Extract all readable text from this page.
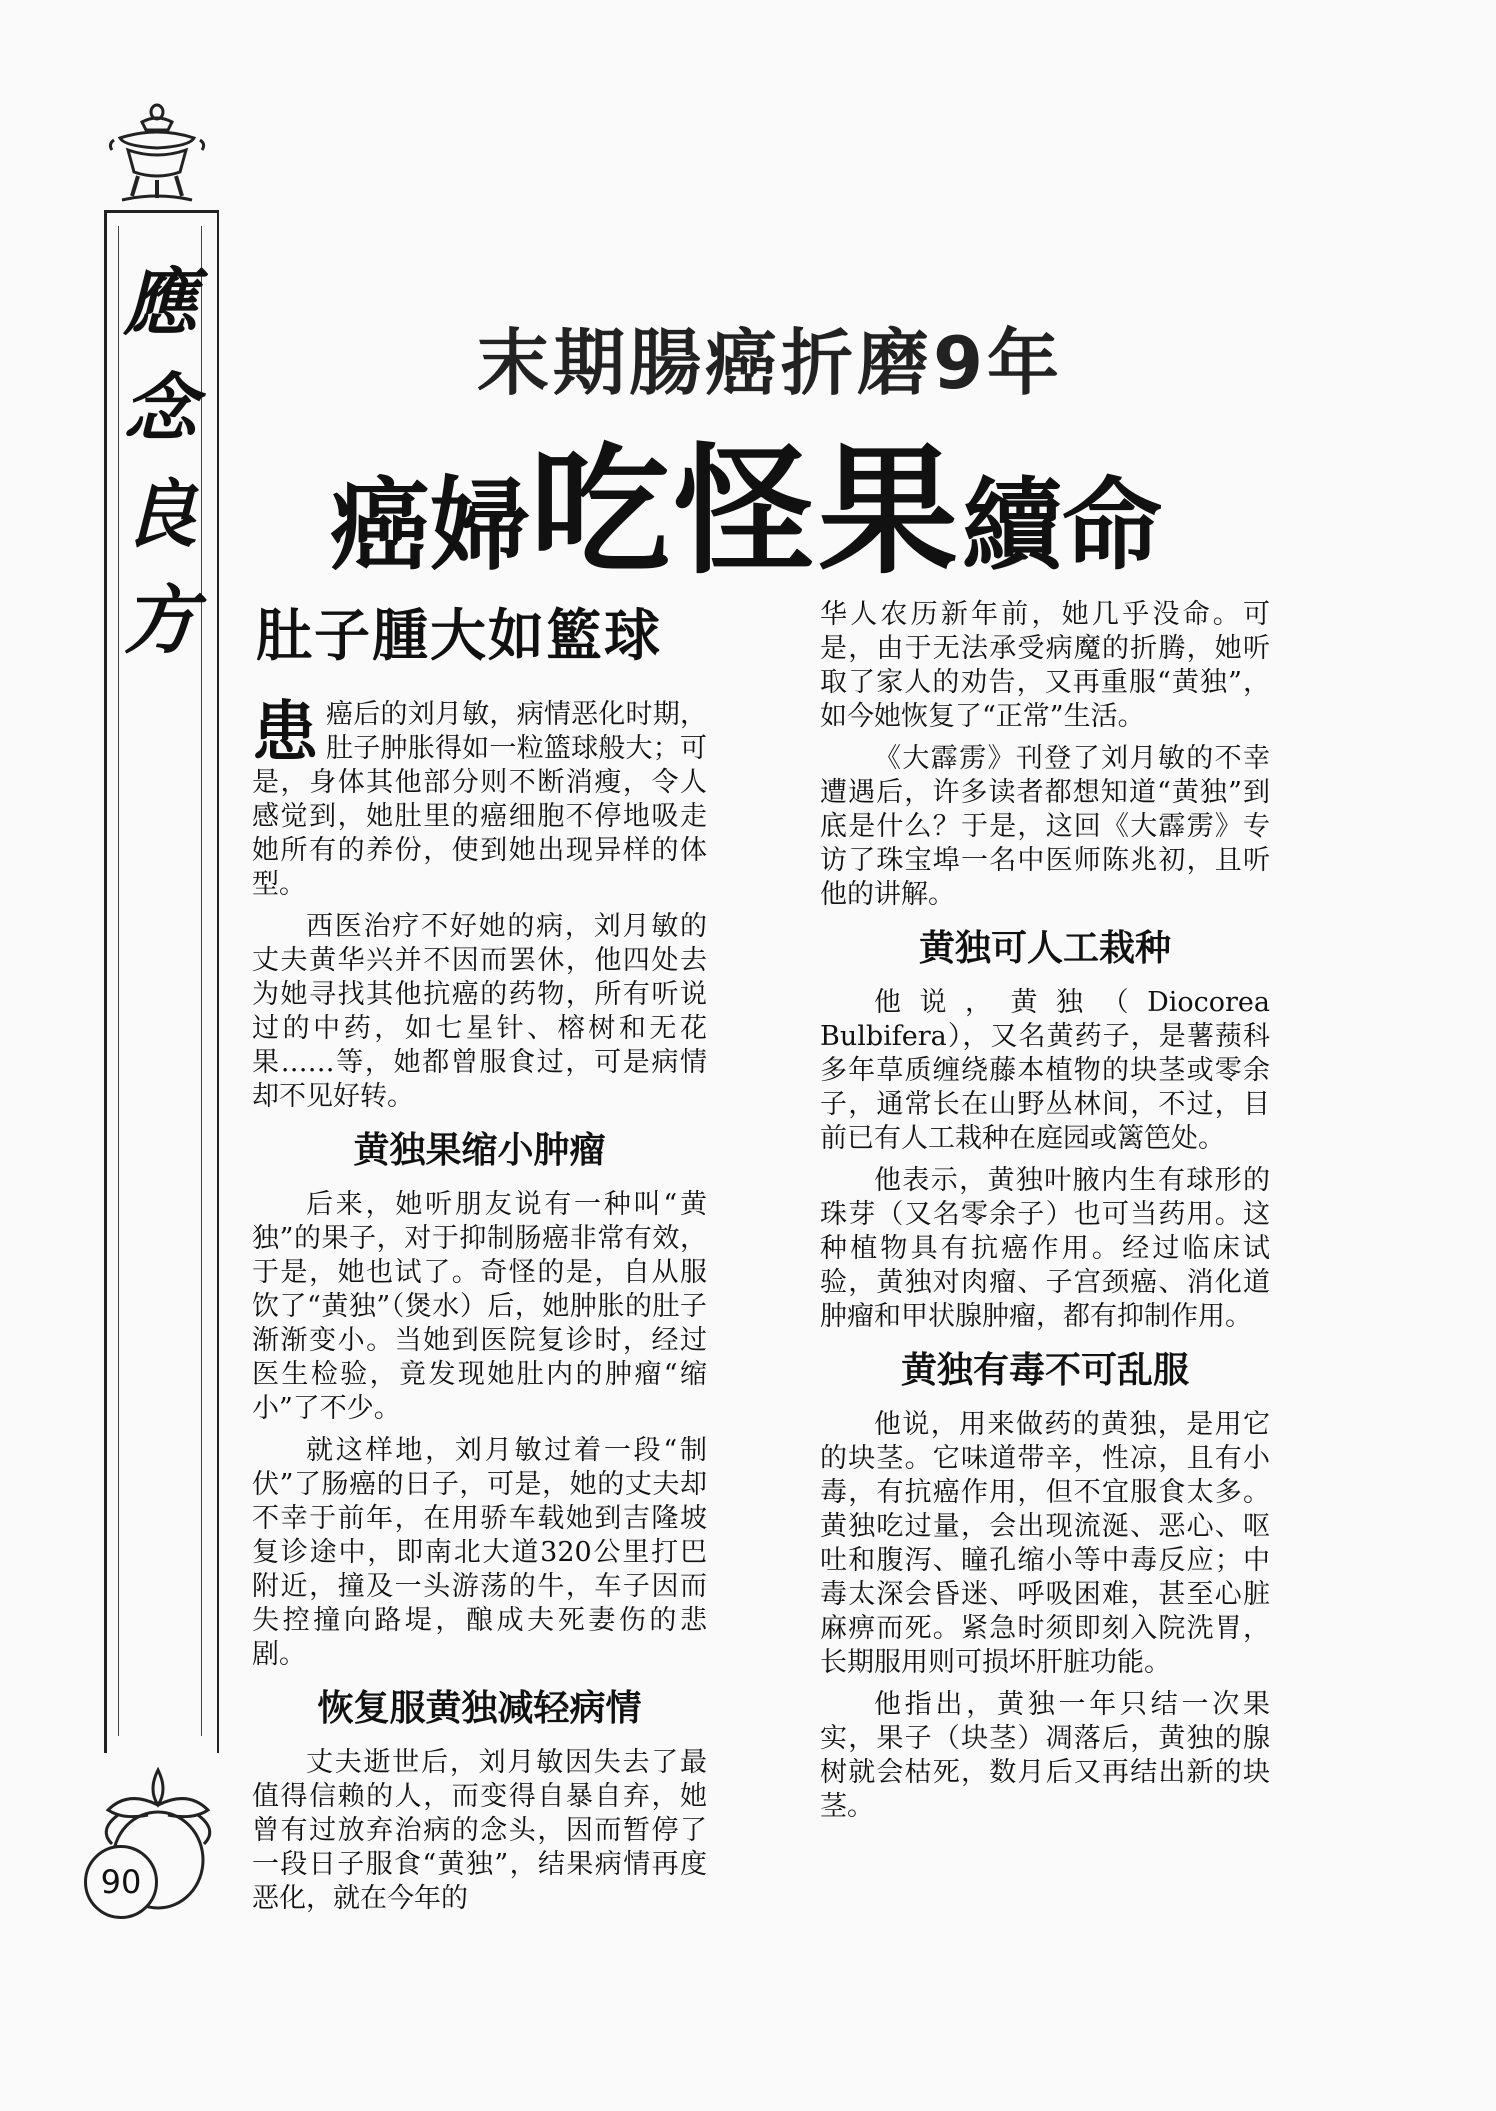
應念良方
90
末期腸癌折磨9年
癌婦吃怪果續命
肚子腫大如籃球

患癌后的刘月敏，病情恶化时期，肚子肿胀得如一粒篮球般大；可是，身体其他部分则不断消瘦，令人感觉到，她肚里的癌细胞不停地吸走她所有的养份，使到她出现异样的体型。

西医治疗不好她的病，刘月敏的丈夫黄华兴并不因而罢休，他四处去为她寻找其他抗癌的药物，所有听说过的中药，如七星针、榕树和无花果……等，她都曾服食过，可是病情却不见好转。

黄独果缩小肿瘤

后来，她听朋友说有一种叫“黄独”的果子，对于抑制肠癌非常有效，于是，她也试了。奇怪的是，自从服饮了“黄独”（煲水）后，她肿胀的肚子渐渐变小。当她到医院复诊时，经过医生检验，竟发现她肚内的肿瘤“缩小”了不少。

就这样地，刘月敏过着一段“制伏”了肠癌的日子，可是，她的丈夫却不幸于前年，在用骄车载她到吉隆坡复诊途中，即南北大道320公里打巴附近，撞及一头游荡的牛，车子因而失控撞向路堤，酿成夫死妻伤的悲剧。

恢复服黄独减轻病情

丈夫逝世后，刘月敏因失去了最值得信赖的人，而变得自暴自弃，她曾有过放弃治病的念头，因而暂停了一段日子服食“黄独”，结果病情再度恶化，就在今年的

华人农历新年前，她几乎没命。可是，由于无法承受病魔的折腾，她听取了家人的劝告，又再重服“黄独”，如今她恢复了“正常”生活。

《大霹雳》刊登了刘月敏的不幸遭遇后，许多读者都想知道“黄独”到底是什么？于是，这回《大霹雳》专访了珠宝埠一名中医师陈兆初，且听他的讲解。

黄独可人工栽种

他说，黄独（Diocorea Bulbifera），又名黄药子，是薯蓣科多年草质缠绕藤本植物的块茎或零余子，通常长在山野丛林间，不过，目前已有人工栽种在庭园或篱笆处。

他表示，黄独叶腋内生有球形的珠芽（又名零余子）也可当药用。这种植物具有抗癌作用。经过临床试验，黄独对肉瘤、子宫颈癌、消化道肿瘤和甲状腺肿瘤，都有抑制作用。

黄独有毒不可乱服

他说，用来做药的黄独，是用它的块茎。它味道带辛，性凉，且有小毒，有抗癌作用，但不宜服食太多。黄独吃过量，会出现流涎、恶心、呕吐和腹泻、瞳孔缩小等中毒反应；中毒太深会昏迷、呼吸困难，甚至心脏麻痹而死。紧急时须即刻入院洗胃，长期服用则可损坏肝脏功能。

他指出，黄独一年只结一次果实，果子（块茎）凋落后，黄独的腺树就会枯死，数月后又再结出新的块茎。
